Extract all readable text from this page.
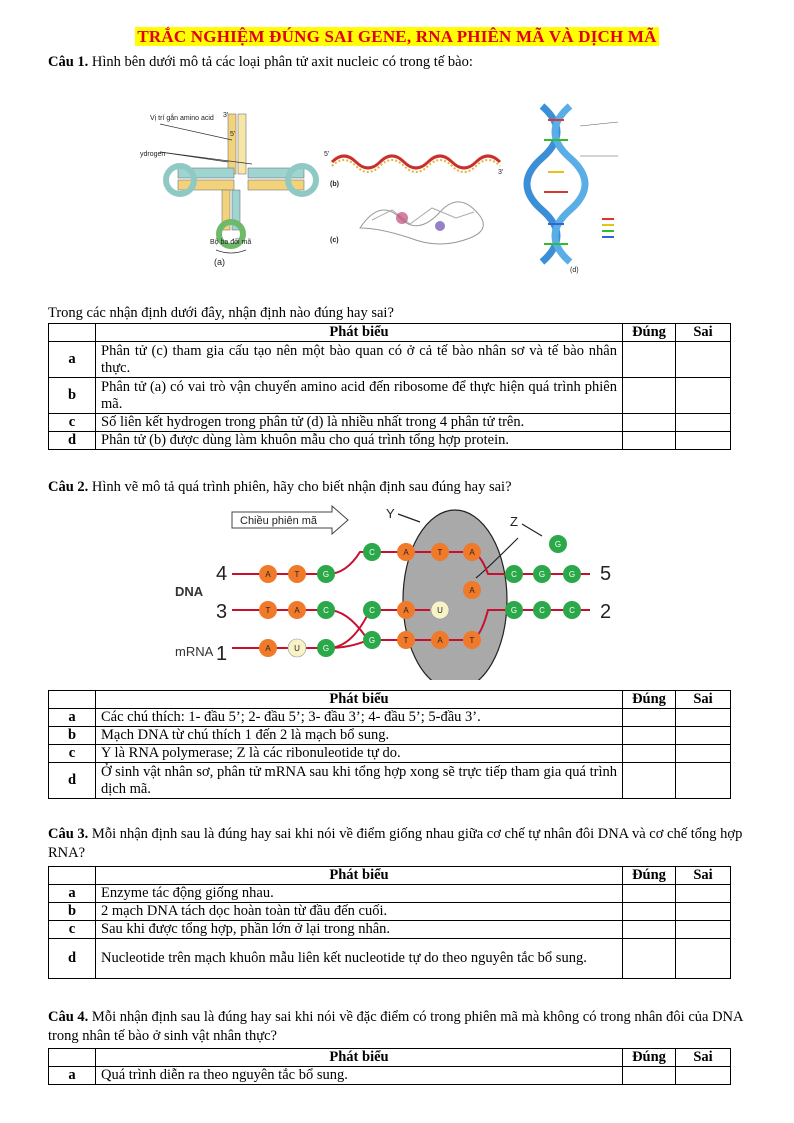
TRẮC NGHIỆM ĐÚNG SAI GENE, RNA PHIÊN MÃ VÀ DỊCH MÃ
Câu 1. Hình bên dưới mô tả các loại phân tử axit nucleic có trong tế bào:
Vị trí gắn amino acid
ydrogen
3'
5'
Bộ ba đối mã
(a)
5'
3'
(b)
(c)
(d)
Trong các nhận định dưới đây, nhận định nào đúng hay sai?
	Phát biểu	Đúng	Sai
a	Phân tử (c) tham gia cấu tạo nên một bào quan có ở cả tế bào nhân sơ và tế bào nhân thực.		
b	Phân tử (a) có vai trò vận chuyển amino acid đến ribosome để thực hiện quá trình phiên mã.		
c	Số liên kết hydrogen trong phân tử (d) là nhiều nhất trong 4 phân tử trên.		
d	Phân tử (b) được dùng làm khuôn mẫu cho quá trình tổng hợp protein.		
Câu 2. Hình vẽ mô tả quá trình phiên, hãy cho biết nhận định sau đúng hay sai?
Chiều phiên mã	Y
Z
DNA
mRNA 1
2
3
4	5
A	T	G
C	A	T	A
A
G
C	G	G
T	A	C	C	A	U	G	C	C
G	T	A	T
A	U	G
	Phát biểu	Đúng	Sai
a	Các chú thích: 1- đầu 5’; 2- đầu 5’; 3- đầu 3’; 4- đầu 5’; 5-đầu 3’.		
b	Mạch DNA từ chú thích 1 đến 2 là mạch bổ sung.		
c	Y là RNA polymerase; Z là các ribonuleotide tự do.		
d	Ở sinh vật nhân sơ, phân tử mRNA sau khi tổng hợp xong sẽ trực tiếp tham gia quá trình dịch mã.		
Câu 3. Mỗi nhận định sau là đúng hay sai khi nói về điểm giống nhau giữa cơ chế tự nhân đôi DNA và cơ chế tổng hợp RNA?
	Phát biểu	Đúng	Sai
a	Enzyme tác động giống nhau.		
b	2 mạch DNA tách dọc hoàn toàn từ đầu đến cuối.		
c	Sau khi được tổng hợp, phần lớn ở lại trong nhân.		
d	Nucleotide trên mạch khuôn mẫu liên kết nucleotide tự do theo nguyên tắc bổ sung.		
Câu 4. Mỗi nhận định sau là đúng hay sai khi nói về đặc điểm có trong phiên mã mà không có trong nhân đôi của DNA trong nhân tế bào ở sinh vật nhân thực?
	Phát biểu	Đúng	Sai
a	Quá trình diễn ra theo nguyên tắc bổ sung.		
